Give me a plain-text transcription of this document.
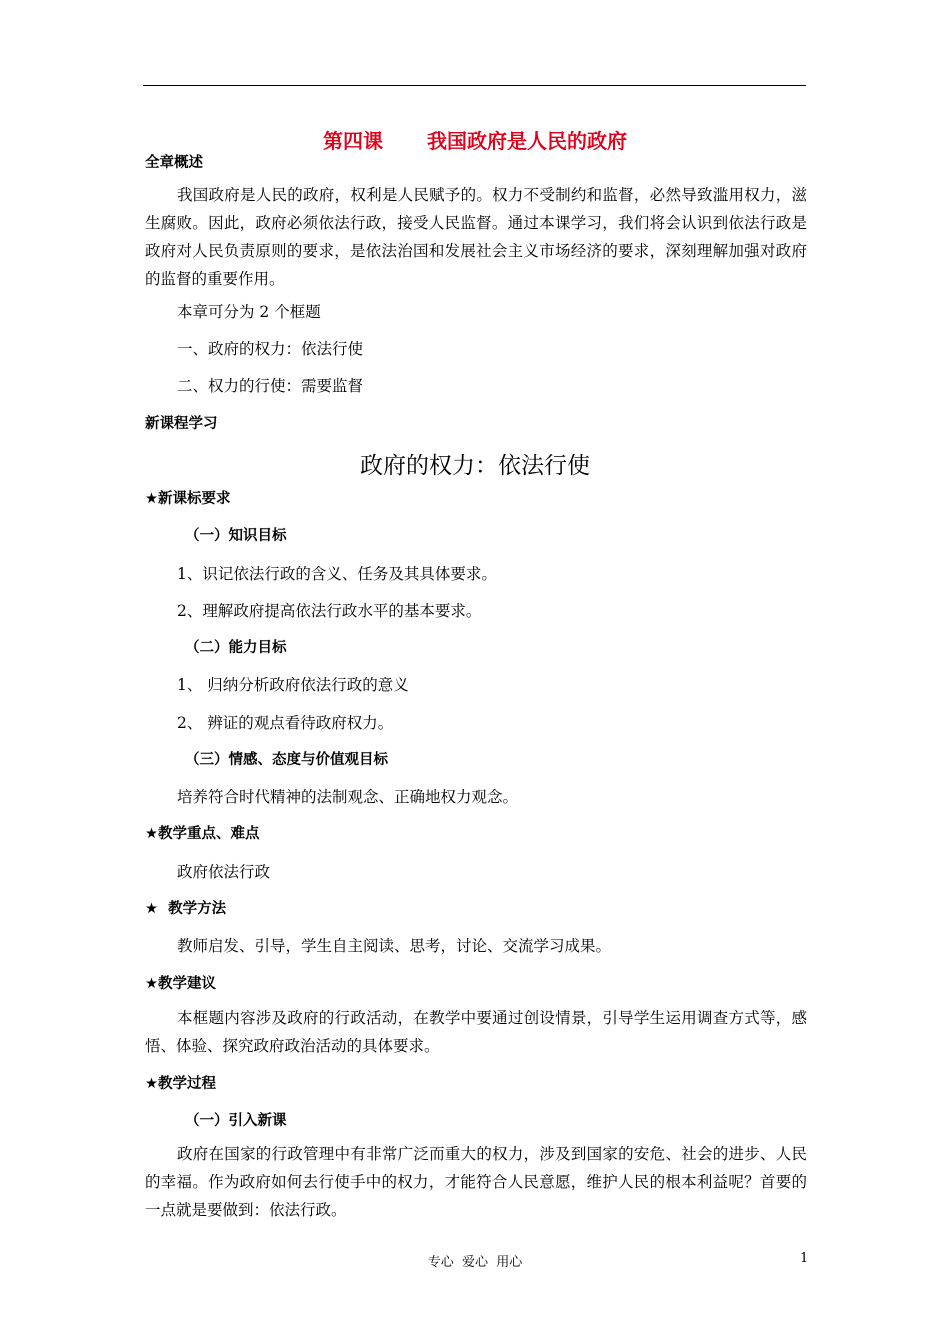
第四课 我国政府是人民的政府
全章概述
我国政府是人民的政府，权利是人民赋予的。权力不受制约和监督，必然导致滥用权力，滋生腐败。因此，政府必须依法行政，接受人民监督。通过本课学习，我们将会认识到依法行政是政府对人民负责原则的要求，是依法治国和发展社会主义市场经济的要求，深刻理解加强对政府的监督的重要作用。
本章可分为 2 个框题
一、政府的权力：依法行使
二、权力的行使：需要监督
新课程学习
政府的权力：依法行使
★新课标要求
（一）知识目标
1、识记依法行政的含义、任务及其具体要求。
2、理解政府提高依法行政水平的基本要求。
（二）能力目标
1、 归纳分析政府依法行政的意义
2、 辨证的观点看待政府权力。
（三）情感、态度与价值观目标
培养符合时代精神的法制观念、正确地权力观念。
★教学重点、难点
政府依法行政
★  教学方法
教师启发、引导，学生自主阅读、思考，讨论、交流学习成果。
★教学建议
本框题内容涉及政府的行政活动，在教学中要通过创设情景，引导学生运用调查方式等，感悟、体验、探究政府政治活动的具体要求。
★教学过程
（一）引入新课
政府在国家的行政管理中有非常广泛而重大的权力，涉及到国家的安危、社会的进步、人民的幸福。作为政府如何去行使手中的权力，才能符合人民意愿，维护人民的根本利益呢？首要的一点就是要做到：依法行政。
专心  爱心  用心	1
